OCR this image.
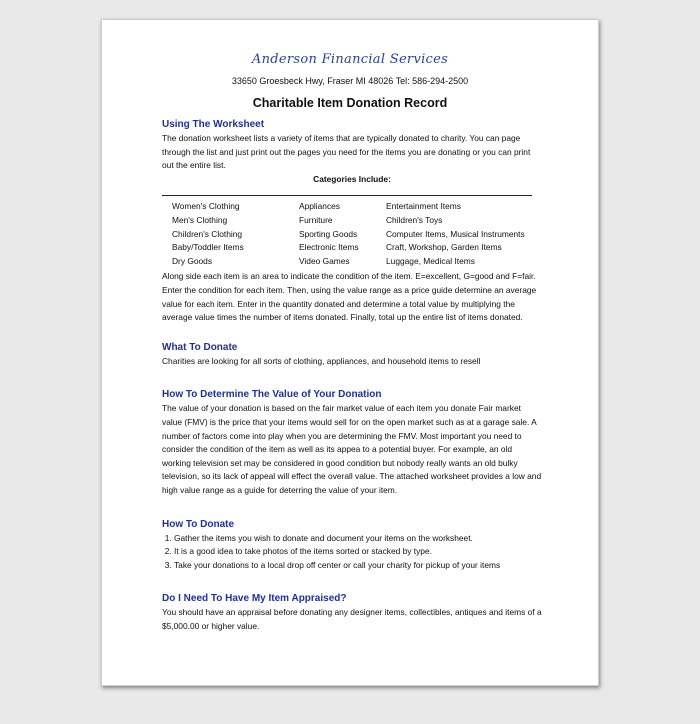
Anderson Financial Services
33650 Groesbeck Hwy, Fraser MI 48026 Tel: 586-294-2500
Charitable Item Donation Record

Using The Worksheet

The donation worksheet lists a variety of items that are typically donated to charity. You can page through the list and just print out the pages you need for the items you are donating or you can print out the entire list.

Categories Include:

Women's Clothing
Men's Clothing
Children's Clothing
Baby/Toddler Items
Dry Goods
Appliances
Furniture
Sporting Goods
Electronic Items
Video Games
Entertainment Items
Children's Toys
Computer Items, Musical Instruments
Craft, Workshop, Garden Items
Luggage, Medical Items

Along side each item is an area to indicate the condition of the item. E=excellent, G=good and F=fair. Enter the condition for each item. Then, using the value range as a price guide determine an average value for each item. Enter in the quantity donated and determine a total value by multiplying the average value times the number of items donated. Finally, total up the entire list of items donated.

What To Donate

Charities are looking for all sorts of clothing, appliances, and household items to resell

How To Determine The Value of Your Donation

The value of your donation is based on the fair market value of each item you donate Fair market value (FMV) is the price that your items would sell for on the open market such as at a garage sale. A number of factors come into play when you are determining the FMV. Most important you need to consider the condition of the item as well as its appea to a potential buyer. For example, an old working television set may be considered in good condition but nobody really wants an old bulky television, so its lack of appeal will effect the overall value. The attached worksheet provides a low and high value range as a guide for deterring the value of your item.

How To Donate

1. Gather the items you wish to donate and document your items on the worksheet.
2. It is a good idea to take photos of the items sorted or stacked by type.
3. Take your donations to a local drop off center or call your charity for pickup of your items

Do I Need To Have My Item Appraised?

You should have an appraisal before donating any designer items, collectibles, antiques and items of a $5,000.00 or higher value.
